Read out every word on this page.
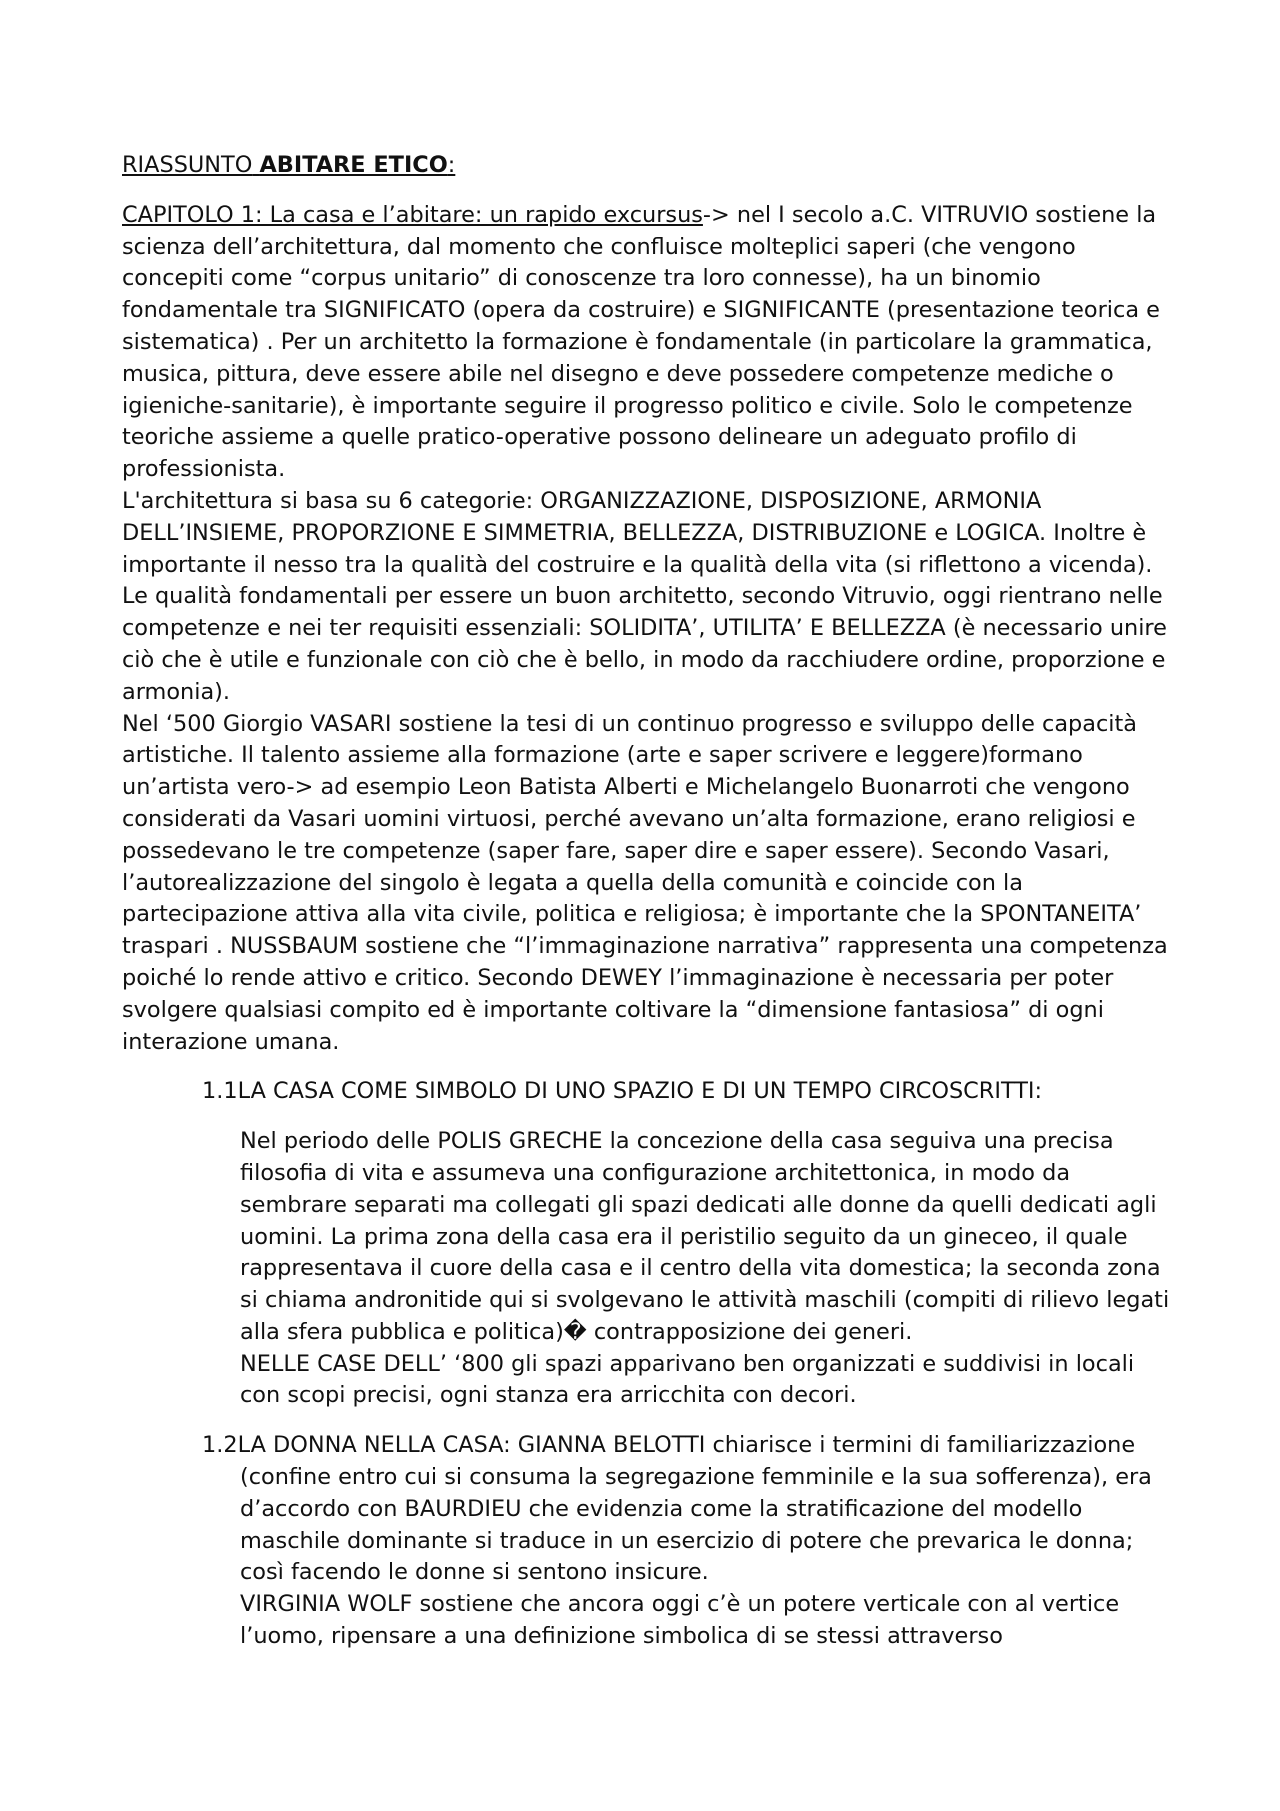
RIASSUNTO ABITARE ETICO:

CAPITOLO 1: La casa e l’abitare: un rapido excursus-> nel I secolo a.C. VITRUVIO sostiene la scienza dell’architettura, dal momento che confluisce molteplici saperi (che vengono concepiti come “corpus unitario” di conoscenze tra loro connesse), ha un binomio fondamentale tra SIGNIFICATO (opera da costruire) e SIGNIFICANTE (presentazione teorica e sistematica) . Per un architetto la formazione è fondamentale (in particolare la grammatica, musica, pittura, deve essere abile nel disegno e deve possedere competenze mediche o igieniche-sanitarie), è importante seguire il progresso politico e civile. Solo le competenze teoriche assieme a quelle pratico-operative possono delineare un adeguato profilo di professionista.

L'architettura si basa su 6 categorie: ORGANIZZAZIONE, DISPOSIZIONE, ARMONIA DELL’INSIEME, PROPORZIONE E SIMMETRIA, BELLEZZA, DISTRIBUZIONE e LOGICA. Inoltre è importante il nesso tra la qualità del costruire e la qualità della vita (si riflettono a vicenda). Le qualità fondamentali per essere un buon architetto, secondo Vitruvio, oggi rientrano nelle competenze e nei ter requisiti essenziali: SOLIDITA’, UTILITA’ E BELLEZZA (è necessario unire ciò che è utile e funzionale con ciò che è bello, in modo da racchiudere ordine, proporzione e armonia).

Nel ‘500 Giorgio VASARI sostiene la tesi di un continuo progresso e sviluppo delle capacità artistiche. Il talento assieme alla formazione (arte e saper scrivere e leggere)formano un’artista vero-> ad esempio Leon Batista Alberti e Michelangelo Buonarroti che vengono considerati da Vasari uomini virtuosi, perché avevano un’alta formazione, erano religiosi e possedevano le tre competenze (saper fare, saper dire e saper essere). Secondo Vasari, l’autorealizzazione del singolo è legata a quella della comunità e coincide con la partecipazione attiva alla vita civile, politica e religiosa; è importante che la SPONTANEITA’ traspari . NUSSBAUM sostiene che “l’immaginazione narrativa” rappresenta una competenza poiché lo rende attivo e critico. Secondo DEWEY l’immaginazione è necessaria per poter svolgere qualsiasi compito ed è importante coltivare la “dimensione fantasiosa” di ogni interazione umana.

1.1LA CASA COME SIMBOLO DI UNO SPAZIO E DI UN TEMPO CIRCOSCRITTI:

Nel periodo delle POLIS GRECHE la concezione della casa seguiva una precisa filosofia di vita e assumeva una configurazione architettonica, in modo da sembrare separati ma collegati gli spazi dedicati alle donne da quelli dedicati agli uomini. La prima zona della casa era il peristilio seguito da un gineceo, il quale rappresentava il cuore della casa e il centro della vita domestica; la seconda zona si chiama andronitide qui si svolgevano le attività maschili (compiti di rilievo legati alla sfera pubblica e politica)� contrapposizione dei generi.

NELLE CASE DELL’ ‘800 gli spazi apparivano ben organizzati e suddivisi in locali con scopi precisi, ogni stanza era arricchita con decori.

1.2LA DONNA NELLA CASA: GIANNA BELOTTI chiarisce i termini di familiarizzazione (confine entro cui si consuma la segregazione femminile e la sua sofferenza), era d’accordo con BAURDIEU che evidenzia come la stratificazione del modello maschile dominante si traduce in un esercizio di potere che prevarica le donna; così facendo le donne si sentono insicure.

VIRGINIA WOLF sostiene che ancora oggi c’è un potere verticale con al vertice l’uomo, ripensare a una definizione simbolica di se stessi attraverso
